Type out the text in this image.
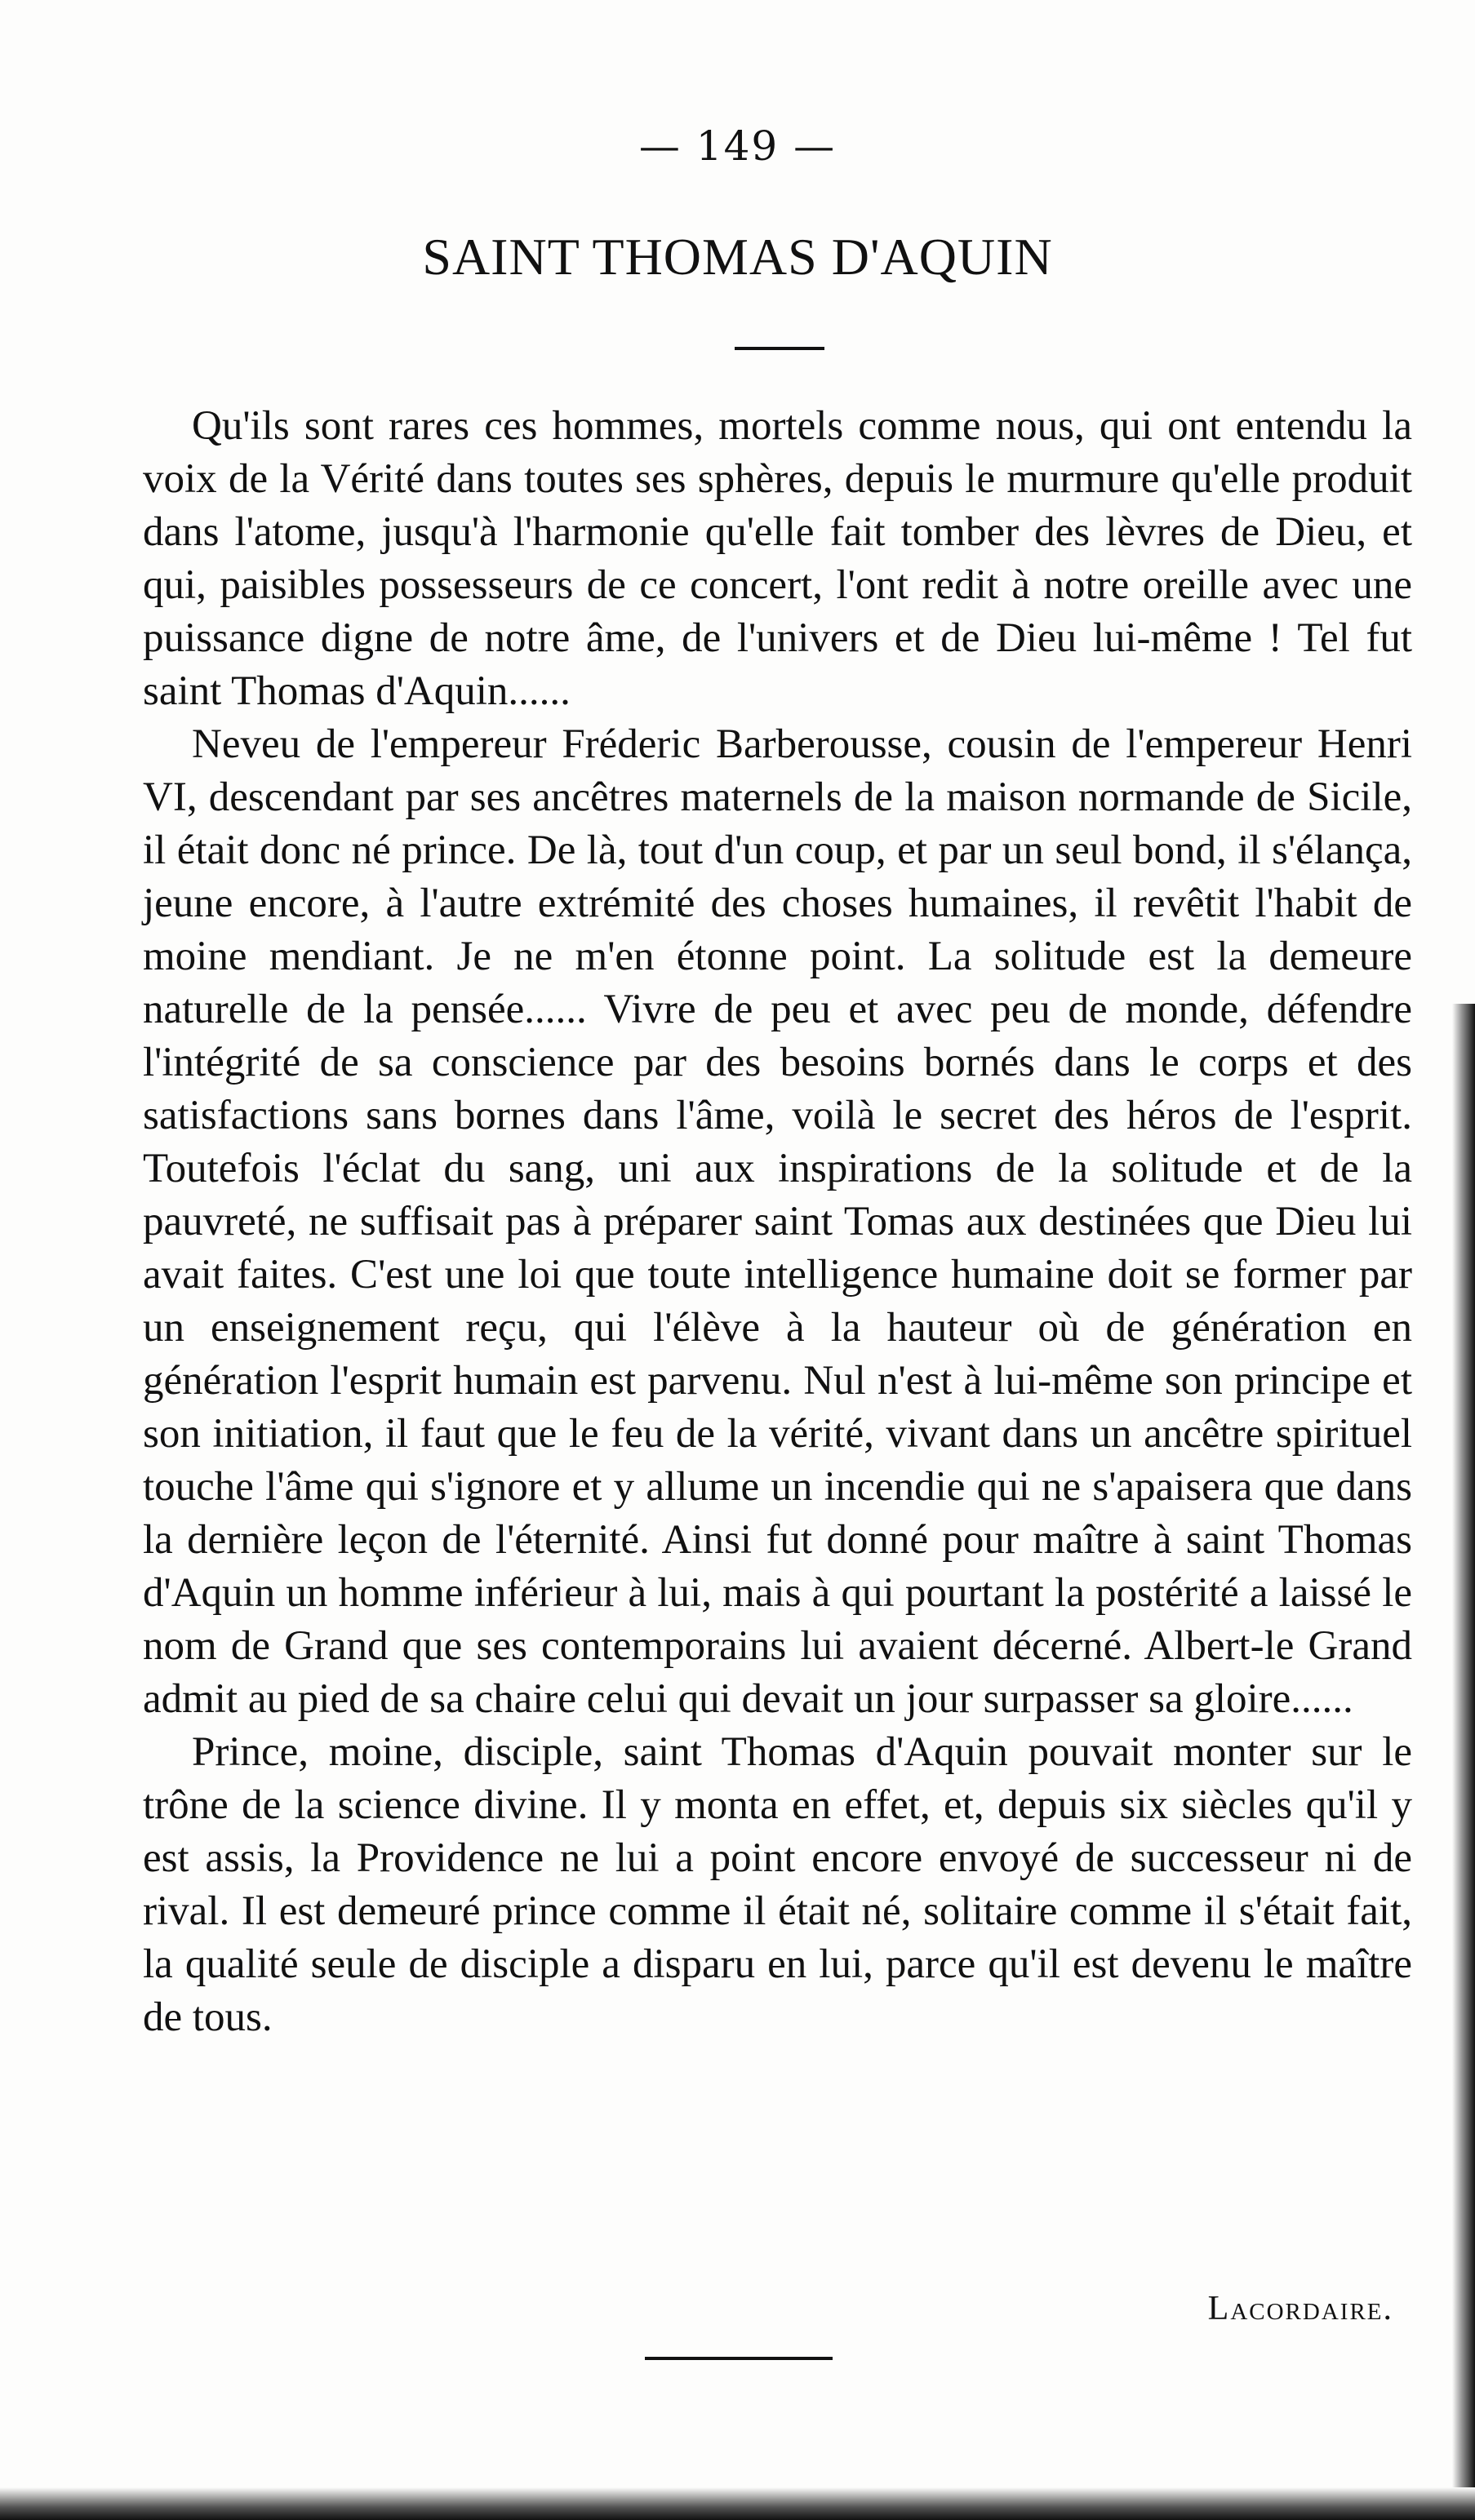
— 149 —
SAINT THOMAS D'AQUIN

Qu'ils sont rares ces hommes, mortels comme nous, qui ont entendu la voix de la Vérité dans toutes ses sphères, depuis le murmure qu'elle produit dans l'atome, jusqu'à l'harmonie qu'elle fait tomber des lèvres de Dieu, et qui, paisibles possesseurs de ce concert, l'ont redit à notre oreille avec une puissance digne de notre âme, de l'univers et de Dieu lui-même ! Tel fut saint Thomas d'Aquin......

Neveu de l'empereur Fréderic Barberousse, cousin de l'empereur Henri VI, descendant par ses ancêtres maternels de la maison normande de Sicile, il était donc né prince. De là, tout d'un coup, et par un seul bond, il s'élança, jeune encore, à l'autre extrémité des choses humaines, il revêtit l'habit de moine mendiant. Je ne m'en étonne point. La solitude est la demeure naturelle de la pensée...... Vivre de peu et avec peu de monde, défendre l'intégrité de sa conscience par des besoins bornés dans le corps et des satisfactions sans bornes dans l'âme, voilà le secret des héros de l'esprit. Toutefois l'éclat du sang, uni aux inspirations de la solitude et de la pauvreté, ne suffisait pas à préparer saint Tomas aux destinées que Dieu lui avait faites. C'est une loi que toute intelligence humaine doit se former par un enseignement reçu, qui l'élève à la hauteur où de génération en génération l'esprit humain est parvenu. Nul n'est à lui-même son principe et son initiation, il faut que le feu de la vérité, vivant dans un ancêtre spirituel touche l'âme qui s'ignore et y allume un incendie qui ne s'apaisera que dans la dernière leçon de l'éternité. Ainsi fut donné pour maître à saint Thomas d'Aquin un homme inférieur à lui, mais à qui pourtant la postérité a laissé le nom de Grand que ses contemporains lui avaient décerné. Albert-le Grand admit au pied de sa chaire celui qui devait un jour surpasser sa gloire......

Prince, moine, disciple, saint Thomas d'Aquin pouvait monter sur le trône de la science divine. Il y monta en effet, et, depuis six siècles qu'il y est assis, la Providence ne lui a point encore envoyé de successeur ni de rival. Il est demeuré prince comme il était né, solitaire comme il s'était fait, la qualité seule de disciple a disparu en lui, parce qu'il est devenu le maître de tous.

Lacordaire.
